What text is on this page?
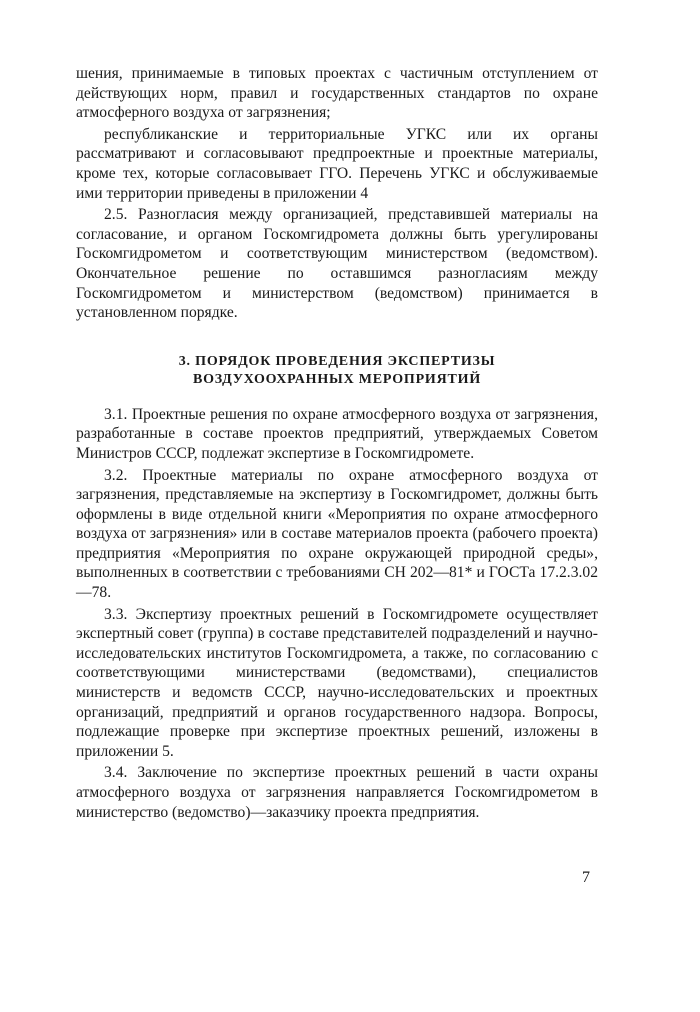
шения, принимаемые в типовых проектах с частичным отступлением от действующих норм, правил и государственных стандартов по охране атмосферного воздуха от загрязнения;

республиканские и территориальные УГКС или их органы рассматривают и согласовывают предпроектные и проектные материалы, кроме тех, которые согласовывает ГГО. Перечень УГКС и обслуживаемые ими территории приведены в приложении 4

2.5. Разногласия между организацией, представившей материалы на согласование, и органом Госкомгидромета должны быть урегулированы Госкомгидрометом и соответствующим министерством (ведомством). Окончательное решение по оставшимся разногласиям между Госкомгидрометом и министерством (ведомством) принимается в установленном порядке.

3. ПОРЯДОК ПРОВЕДЕНИЯ ЭКСПЕРТИЗЫ
ВОЗДУХООХРАННЫХ МЕРОПРИЯТИЙ

3.1. Проектные решения по охране атмосферного воздуха от загрязнения, разработанные в составе проектов предприятий, утверждаемых Советом Министров СССР, подлежат экспертизе в Госкомгидромете.

3.2. Проектные материалы по охране атмосферного воздуха от загрязнения, представляемые на экспертизу в Госкомгидромет, должны быть оформлены в виде отдельной книги «Мероприятия по охране атмосферного воздуха от загрязнения» или в составе материалов проекта (рабочего проекта) предприятия «Мероприятия по охране окружающей природной среды», выполненных в соответствии с требованиями СН 202—81* и ГОСТа 17.2.3.02—78.

3.3. Экспертизу проектных решений в Госкомгидромете осуществляет экспертный совет (группа) в составе представителей подразделений и научно-исследовательских институтов Госкомгидромета, а также, по согласованию с соответствующими министерствами (ведомствами), специалистов министерств и ведомств СССР, научно-исследовательских и проектных организаций, предприятий и органов государственного надзора. Вопросы, подлежащие проверке при экспертизе проектных решений, изложены в приложении 5.

3.4. Заключение по экспертизе проектных решений в части охраны атмосферного воздуха от загрязнения направляется Госкомгидрометом в министерство (ведомство)—заказчику проекта предприятия.

7
